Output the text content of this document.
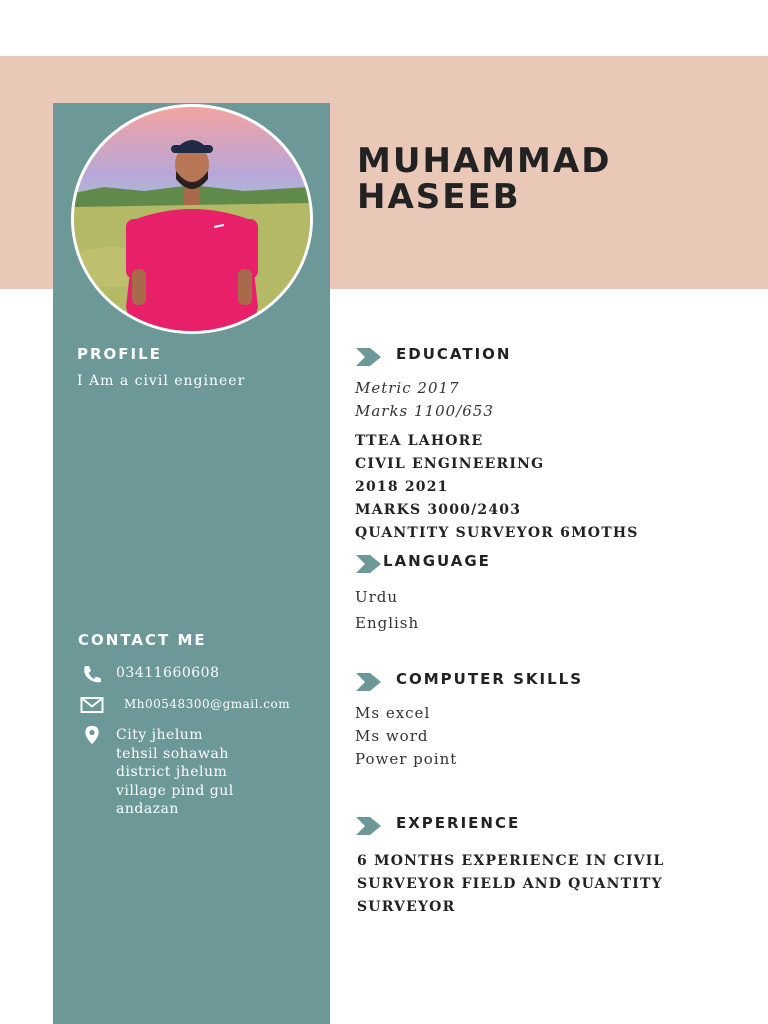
MUHAMMAD
HASEEB
PROFILE
I Am a civil engineer
CONTACT ME
03411660608
Mh00548300@gmail.com
City jhelum
tehsil sohawah
district jhelum
village pind gul
andazan
EDUCATION
Metric 2017
Marks 1100/653
TTEA LAHORE
CIVIL ENGINEERING
2018 2021
MARKS 3000/2403
QUANTITY SURVEYOR 6MOTHS
LANGUAGE
Urdu
English
COMPUTER SKILLS
Ms excel
Ms word
Power point
EXPERIENCE
6 MONTHS EXPERIENCE IN CIVIL
SURVEYOR FIELD AND QUANTITY
SURVEYOR
